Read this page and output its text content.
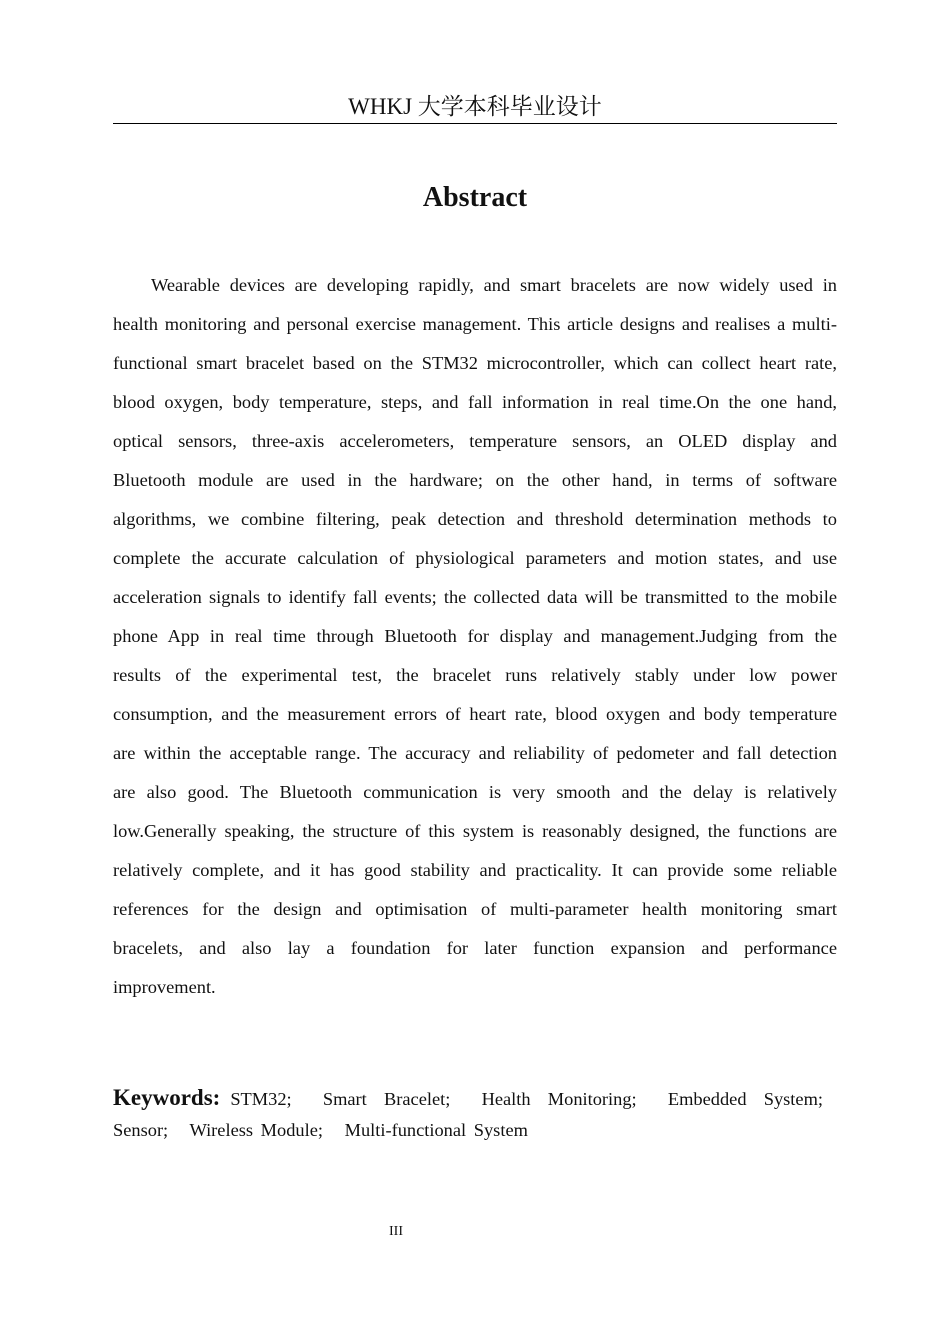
WHKJ 大学本科毕业设计
Abstract

Wearable devices are developing rapidly, and smart bracelets are now widely used in health monitoring and personal exercise management. This article designs and realises a multi-functional smart bracelet based on the STM32 microcontroller, which can collect heart rate, blood oxygen, body temperature, steps, and fall information in real time.On the one hand, optical sensors, three-axis accelerometers, temperature sensors, an OLED display and Bluetooth module are used in the hardware; on the other hand, in terms of software algorithms, we combine filtering, peak detection and threshold determination methods to complete the accurate calculation of physiological parameters and motion states, and use acceleration signals to identify fall events; the collected data will be transmitted to the mobile phone App in real time through Bluetooth for display and management.Judging from the results of the experimental test, the bracelet runs relatively stably under low power consumption, and the measurement errors of heart rate, blood oxygen and body temperature are within the acceptable range. The accuracy and reliability of pedometer and fall detection are also good. The Bluetooth communication is very smooth and the delay is relatively low.Generally speaking, the structure of this system is reasonably designed, the functions are relatively complete, and it has good stability and practicality. It can provide some reliable references for the design and optimisation of multi-parameter health monitoring smart bracelets, and also lay a foundation for later function expansion and performance improvement.

Keywords: STM32; Smart Bracelet; Health Monitoring; Embedded System; Sensor; Wireless Module; Multi-functional System

III
